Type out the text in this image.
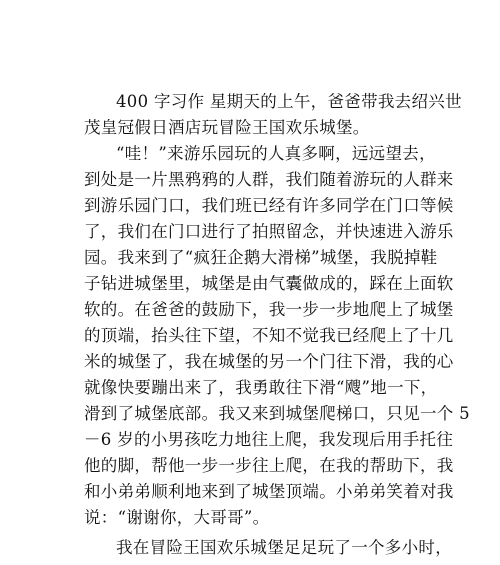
400 字习作 星期天的上午，爸爸带我去绍兴世

茂皇冠假日酒店玩冒险王国欢乐城堡。

“哇！”来游乐园玩的人真多啊，远远望去，

到处是一片黑鸦鸦的人群，我们随着游玩的人群来

到游乐园门口，我们班已经有许多同学在门口等候

了，我们在门口进行了拍照留念，并快速进入游乐

园。我来到了“疯狂企鹅大滑梯”城堡，我脱掉鞋

子钻进城堡里，城堡是由气囊做成的，踩在上面软

软的。在爸爸的鼓励下，我一步一步地爬上了城堡

的顶端，抬头往下望，不知不觉我已经爬上了十几

米的城堡了，我在城堡的另一个门往下滑，我的心

就像快要蹦出来了，我勇敢往下滑“飕”地一下，

滑到了城堡底部。我又来到城堡爬梯口，只见一个 5

－6 岁的小男孩吃力地往上爬，我发现后用手托往

他的脚，帮他一步一步往上爬，在我的帮助下，我

和小弟弟顺利地来到了城堡顶端。小弟弟笑着对我

说：“谢谢你，大哥哥”。

我在冒险王国欢乐城堡足足玩了一个多小时，
